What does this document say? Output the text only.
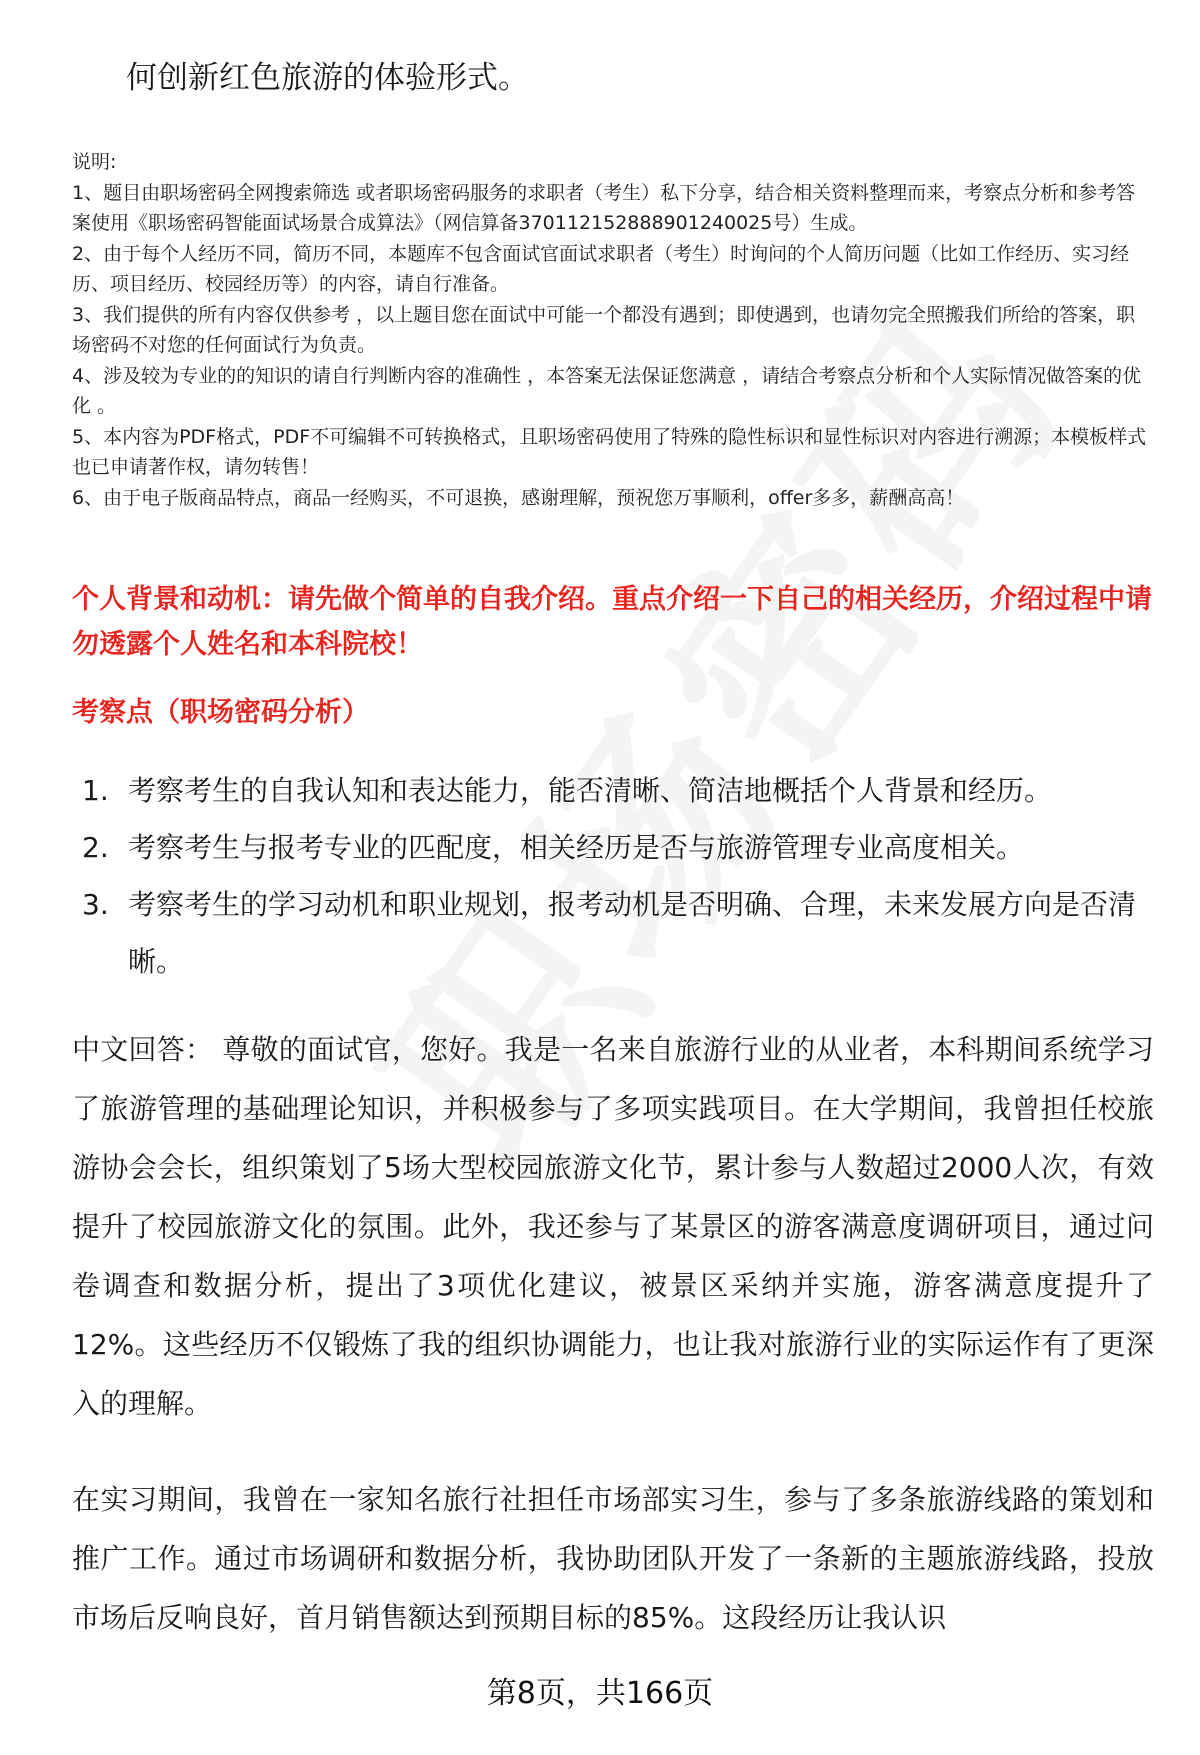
何创新红色旅游的体验形式。
说明:
1、题目由职场密码全网搜索筛选 或者职场密码服务的求职者（考生）私下分享，结合相关资料整理而来，考察点分析和参考答案使用《职场密码智能面试场景合成算法》（网信算备370112152888901240025号）生成。
2、由于每个人经历不同，简历不同，本题库不包含面试官面试求职者（考生）时询问的个人简历问题（比如工作经历、实习经历、项目经历、校园经历等）的内容，请自行准备。
3、我们提供的所有内容仅供参考 ，以上题目您在面试中可能一个都没有遇到；即使遇到，也请勿完全照搬我们所给的答案，职场密码不对您的任何面试行为负责。
4、涉及较为专业的的知识的请自行判断内容的准确性 ，本答案无法保证您满意 ，请结合考察点分析和个人实际情况做答案的优化 。
5、本内容为PDF格式，PDF不可编辑不可转换格式，且职场密码使用了特殊的隐性标识和显性标识对内容进行溯源；本模板样式也已申请著作权，请勿转售！
6、由于电子版商品特点，商品一经购买，不可退换，感谢理解，预祝您万事顺利，offer多多，薪酬高高！
个人背景和动机：请先做个简单的自我介绍。重点介绍一下自己的相关经历，介绍过程中请勿透露个人姓名和本科院校！
考察点（职场密码分析）
1. 考察考生的自我认知和表达能力，能否清晰、简洁地概括个人背景和经历。
2. 考察考生与报考专业的匹配度，相关经历是否与旅游管理专业高度相关。
3. 考察考生的学习动机和职业规划，报考动机是否明确、合理，未来发展方向是否清晰。
中文回答： 尊敬的面试官，您好。我是一名来自旅游行业的从业者，本科期间系统学习了旅游管理的基础理论知识，并积极参与了多项实践项目。在大学期间，我曾担任校旅游协会会长，组织策划了5场大型校园旅游文化节，累计参与人数超过2000人次，有效提升了校园旅游文化的氛围。此外，我还参与了某景区的游客满意度调研项目，通过问卷调查和数据分析，提出了3项优化建议，被景区采纳并实施，游客满意度提升了12%。这些经历不仅锻炼了我的组织协调能力，也让我对旅游行业的实际运作有了更深入的理解。
在实习期间，我曾在一家知名旅行社担任市场部实习生，参与了多条旅游线路的策划和推广工作。通过市场调研和数据分析，我协助团队开发了一条新的主题旅游线路，投放市场后反响良好，首月销售额达到预期目标的85%。这段经历让我认识
第8页，共166页
